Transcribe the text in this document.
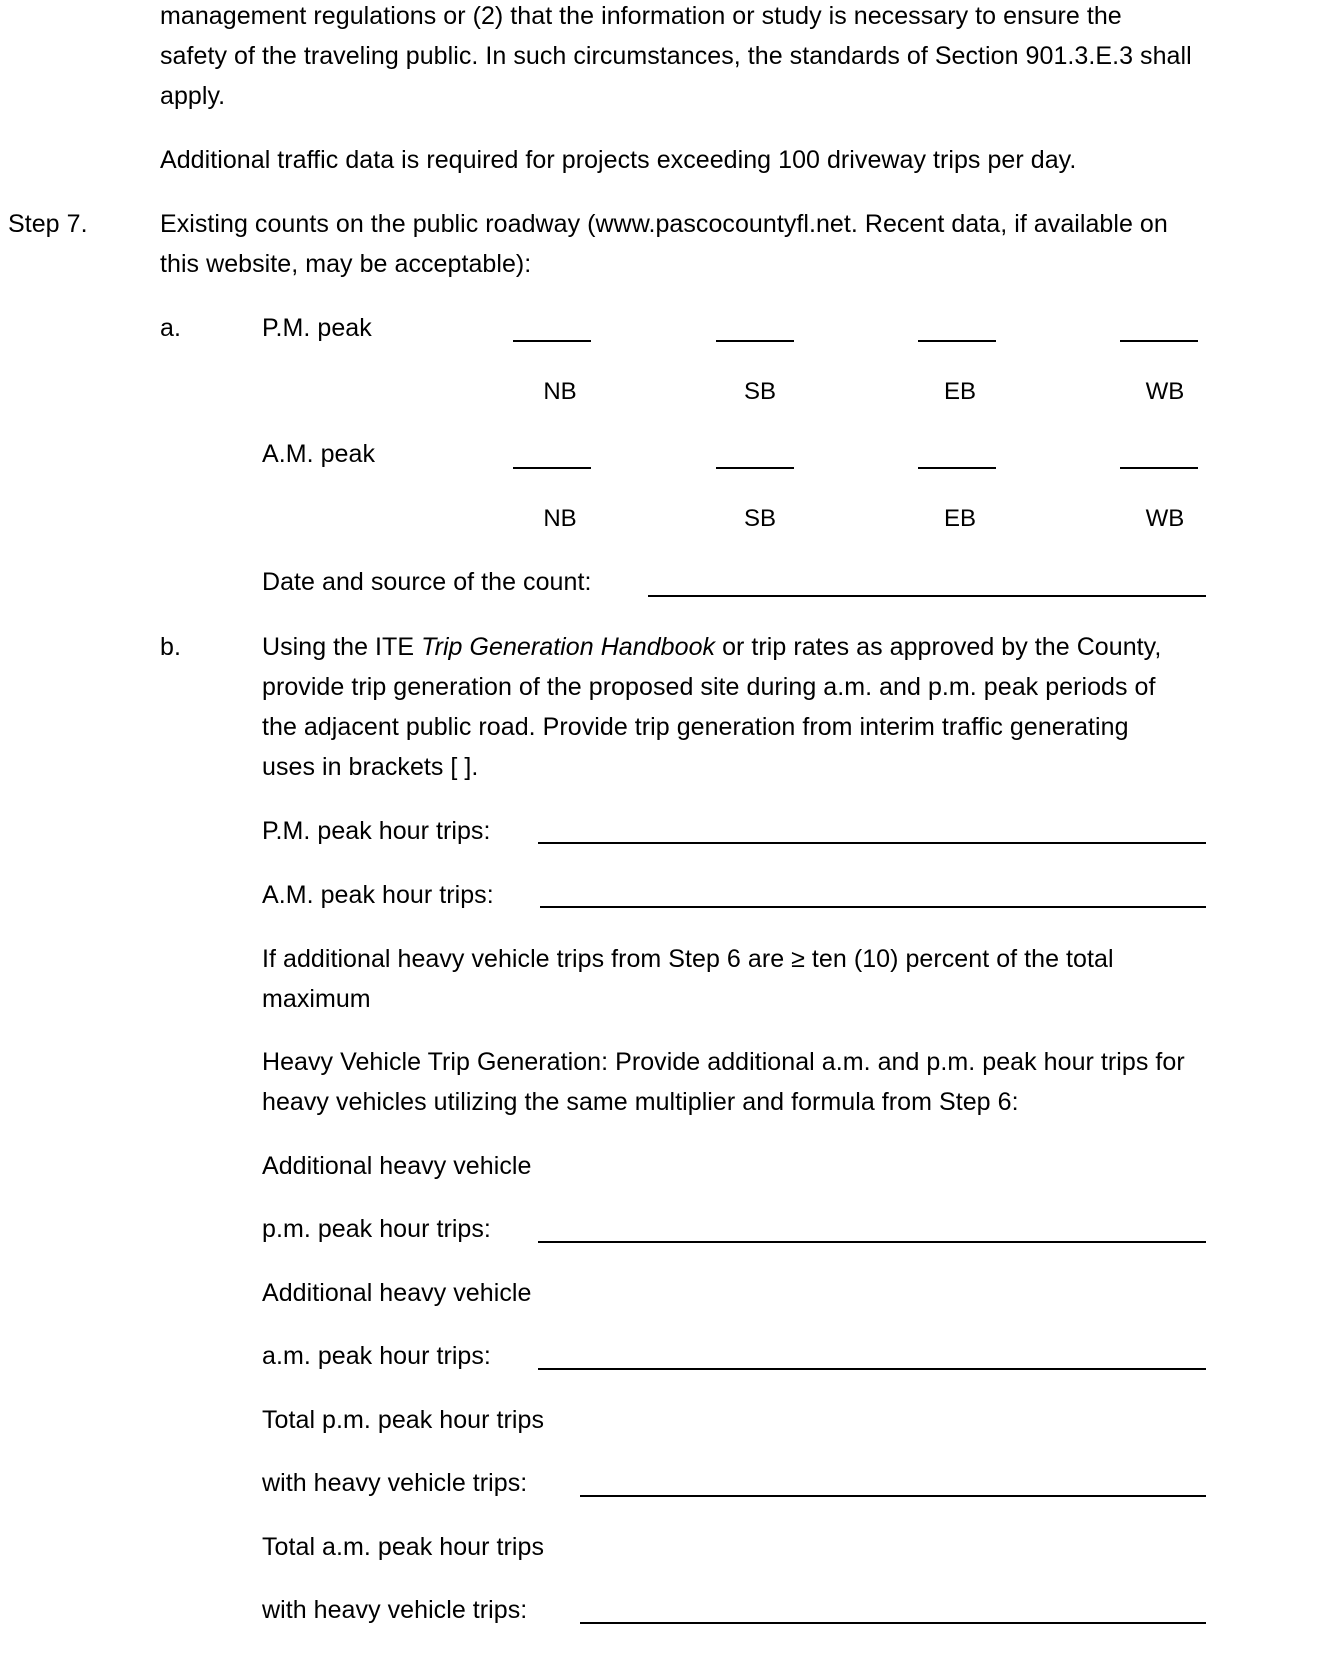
management regulations or (2) that the information or study is necessary to ensure the

safety of the traveling public. In such circumstances, the standards of Section 901.3.E.3 shall

apply.

Additional traffic data is required for projects exceeding 100 driveway trips per day.

Step 7.	Existing counts on the public roadway (www.pascocountyfl.net. Recent data, if available on

this website, may be acceptable):

a.	P.M. peak

NB	SB	EB	WB

A.M. peak

NB	SB	EB	WB

Date and source of the count:

b.	Using the ITE Trip Generation Handbook or trip rates as approved by the County,

provide trip generation of the proposed site during a.m. and p.m. peak periods of

the adjacent public road. Provide trip generation from interim traffic generating

uses in brackets [ ].

P.M. peak hour trips:

A.M. peak hour trips:

If additional heavy vehicle trips from Step 6 are ≥ ten (10) percent of the total

maximum

Heavy Vehicle Trip Generation: Provide additional a.m. and p.m. peak hour trips for

heavy vehicles utilizing the same multiplier and formula from Step 6:

Additional heavy vehicle

p.m. peak hour trips:

Additional heavy vehicle

a.m. peak hour trips:

Total p.m. peak hour trips

with heavy vehicle trips:

Total a.m. peak hour trips

with heavy vehicle trips:
